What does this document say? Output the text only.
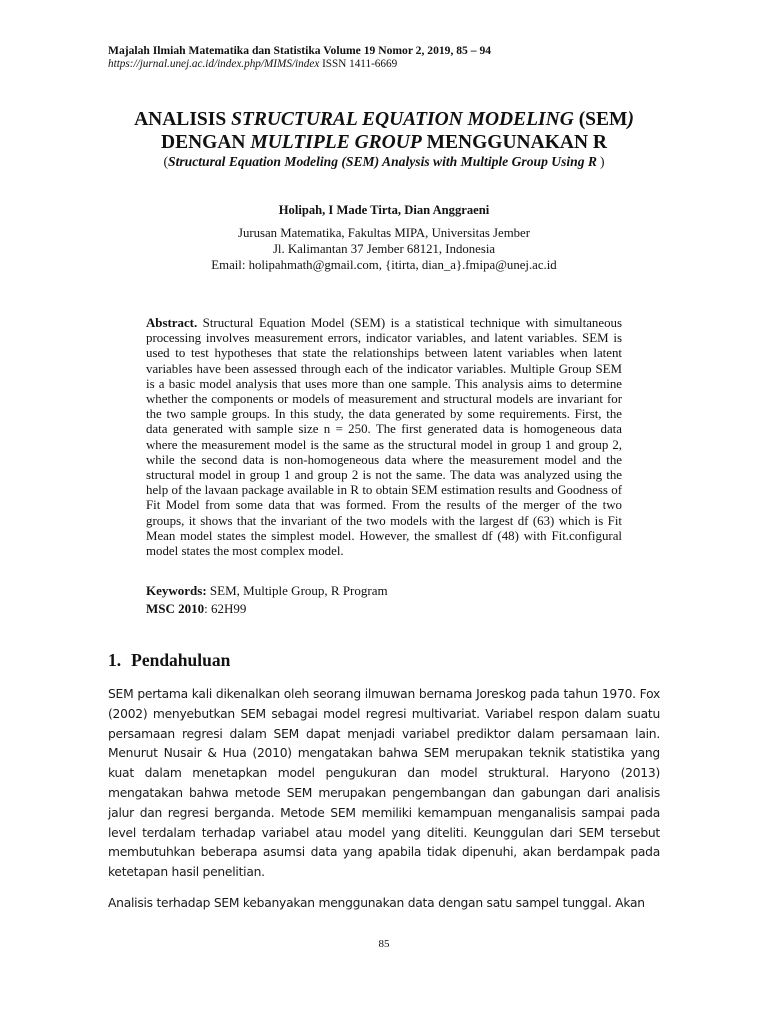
Majalah Ilmiah Matematika dan Statistika Volume 19 Nomor 2, 2019, 85 – 94
https://jurnal.unej.ac.id/index.php/MIMS/index ISSN 1411-6669
ANALISIS STRUCTURAL EQUATION MODELING (SEM)
DENGAN MULTIPLE GROUP MENGGUNAKAN R
(Structural Equation Modeling (SEM) Analysis with Multiple Group Using R )
Holipah, I Made Tirta, Dian Anggraeni
Jurusan Matematika, Fakultas MIPA, Universitas Jember
Jl. Kalimantan 37 Jember 68121, Indonesia
Email: holipahmath@gmail.com, {itirta, dian_a}.fmipa@unej.ac.id
Abstract. Structural Equation Model (SEM) is a statistical technique with simultaneous processing involves measurement errors, indicator variables, and latent variables. SEM is used to test hypotheses that state the relationships between latent variables when latent variables have been assessed through each of the indicator variables. Multiple Group SEM is a basic model analysis that uses more than one sample. This analysis aims to determine whether the components or models of measurement and structural models are invariant for the two sample groups. In this study, the data generated by some requirements. First, the data generated with sample size n = 250. The first generated data is homogeneous data where the measurement model is the same as the structural model in group 1 and group 2, while the second data is non-homogeneous data where the measurement model and the structural model in group 1 and group 2 is not the same. The data was analyzed using the help of the lavaan package available in R to obtain SEM estimation results and Goodness of Fit Model from some data that was formed. From the results of the merger of the two groups, it shows that the invariant of the two models with the largest df (63) which is Fit Mean model states the simplest model. However, the smallest df (48) with Fit.configural model states the most complex model.
Keywords: SEM, Multiple Group, R Program
MSC 2010: 62H99
1. Pendahuluan
SEM pertama kali dikenalkan oleh seorang ilmuwan bernama Joreskog pada tahun 1970. Fox (2002) menyebutkan SEM sebagai model regresi multivariat. Variabel respon dalam suatu persamaan regresi dalam SEM dapat menjadi variabel prediktor dalam persamaan lain. Menurut Nusair & Hua (2010) mengatakan bahwa SEM merupakan teknik statistika yang kuat dalam menetapkan model pengukuran dan model struktural. Haryono (2013) mengatakan bahwa metode SEM merupakan pengembangan dan gabungan dari analisis jalur dan regresi berganda. Metode SEM memiliki kemampuan menganalisis sampai pada level terdalam terhadap variabel atau model yang diteliti. Keunggulan dari SEM tersebut membutuhkan beberapa asumsi data yang apabila tidak dipenuhi, akan berdampak pada ketetapan hasil penelitian.
Analisis terhadap SEM kebanyakan menggunakan data dengan satu sampel tunggal. Akan
85
